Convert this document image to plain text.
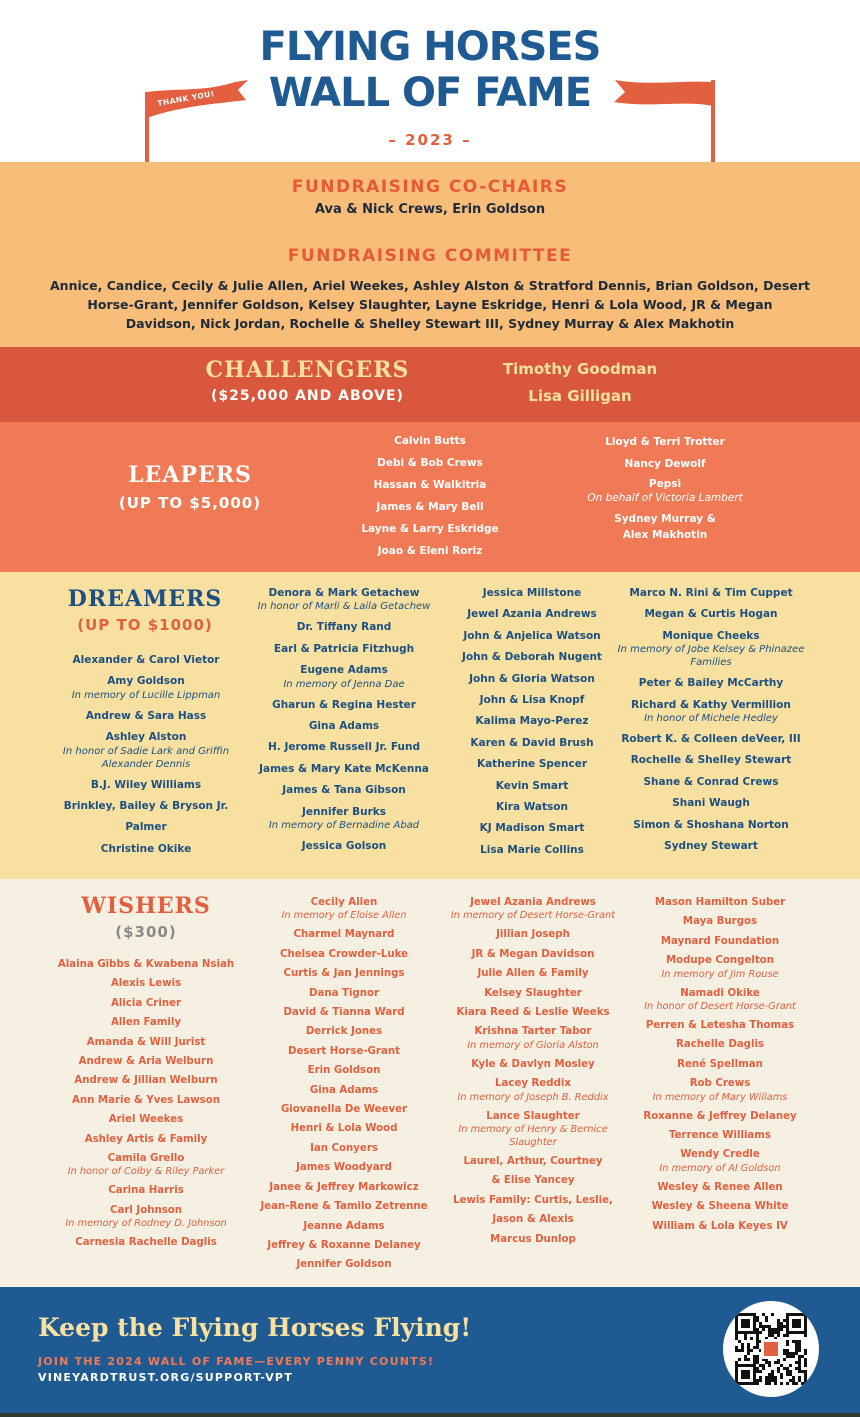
THANK YOU!
FLYING HORSES
WALL OF FAME
– 2023 –
FUNDRAISING CO-CHAIRS
Ava & Nick Crews, Erin Goldson
FUNDRAISING COMMITTEE
Annice, Candice, Cecily & Julie Allen, Ariel Weekes, Ashley Alston & Stratford Dennis, Brian Goldson, Desert
Horse-Grant, Jennifer Goldson, Kelsey Slaughter, Layne Eskridge, Henri & Lola Wood, JR & Megan
Davidson, Nick Jordan, Rochelle & Shelley Stewart III, Sydney Murray & Alex Makhotin
CHALLENGERS
($25,000 AND ABOVE)
Timothy Goodman
Lisa Gilligan
LEAPERS
(UP TO $5,000)
Calvin Butts
Debi & Bob Crews
Hassan & Walkitria
James & Mary Bell
Layne & Larry Eskridge
Joao & Eleni Roriz
Lloyd & Terri Trotter
Nancy Dewolf
Pepsi
On behalf of Victoria Lambert
Sydney Murray &
Alex Makhotin
DREAMERS
(UP TO $1000)
Alexander & Carol Vietor
Amy Goldson
In memory of Lucille Lippman
Andrew & Sara Hass
Ashley Alston
In honor of Sadie Lark and Griffin Alexander Dennis
B.J. Wiley Williams
Brinkley, Bailey & Bryson Jr.
Palmer
Christine Okike
Denora & Mark Getachew
In honor of Marli & Laila Getachew
Dr. Tiffany Rand
Earl & Patricia Fitzhugh
Eugene Adams
In memory of Jenna Dae
Gharun & Regina Hester
Gina Adams
H. Jerome Russell Jr. Fund
James & Mary Kate McKenna
James & Tana Gibson
Jennifer Burks
In memory of Bernadine Abad
Jessica Golson
Jessica Millstone
Jewel Azania Andrews
John & Anjelica Watson
John & Deborah Nugent
John & Gloria Watson
John & Lisa Knopf
Kalima Mayo-Perez
Karen & David Brush
Katherine Spencer
Kevin Smart
Kira Watson
KJ Madison Smart
Lisa Marie Collins
Marco N. Rini & Tim Cuppet
Megan & Curtis Hogan
Monique Cheeks
In memory of Jobe Kelsey & Phinazee Families
Peter & Bailey McCarthy
Richard & Kathy Vermillion
In honor of Michele Hedley
Robert K. & Colleen deVeer, III
Rochelle & Shelley Stewart
Shane & Conrad Crews
Shani Waugh
Simon & Shoshana Norton
Sydney Stewart
WISHERS
($300)
Alaina Gibbs & Kwabena Nsiah
Alexis Lewis
Alicia Criner
Allen Family
Amanda & Will Jurist
Andrew & Aria Welburn
Andrew & Jillian Welburn
Ann Marie & Yves Lawson
Ariel Weekes
Ashley Artis & Family
Camila Grello
In honor of Colby & Riley Parker
Carina Harris
Carl Johnson
In memory of Rodney D. Johnson
Carnesia Rachelle Daglis
Cecily Allen
In memory of Eloise Allen
Charmel Maynard
Chelsea Crowder-Luke
Curtis & Jan Jennings
Dana Tignor
David & Tianna Ward
Derrick Jones
Desert Horse-Grant
Erin Goldson
Gina Adams
Giovanella De Weever
Henri & Lola Wood
Ian Conyers
James Woodyard
Janee & Jeffrey Markowicz
Jean-Rene & Tamilo Zetrenne
Jeanne Adams
Jeffrey & Roxanne Delaney
Jennifer Goldson
Jewel Azania Andrews
In memory of Desert Horse-Grant
Jillian Joseph
JR & Megan Davidson
Julie Allen & Family
Kelsey Slaughter
Kiara Reed & Leslie Weeks
Krishna Tarter Tabor
In memory of Gloria Alston
Kyle & Davlyn Mosley
Lacey Reddix
In memory of Joseph B. Reddix
Lance Slaughter
In memory of Henry & Bernice Slaughter
Laurel, Arthur, Courtney
& Elise Yancey
Lewis Family: Curtis, Leslie,
Jason & Alexis
Marcus Dunlop
Mason Hamilton Suber
Maya Burgos
Maynard Foundation
Modupe Congelton
In memory of Jim Rouse
Namadi Okike
In honor of Desert Horse-Grant
Perren & Letesha Thomas
Rachelle Daglis
René Spellman
Rob Crews
In memory of Mary Willams
Roxanne & Jeffrey Delaney
Terrence Williams
Wendy Credle
In memory of Al Goldson
Wesley & Renee Allen
Wesley & Sheena White
William & Lola Keyes IV
Keep the Flying Horses Flying!
JOIN THE 2024 WALL OF FAME—EVERY PENNY COUNTS!
VINEYARDTRUST.ORG/SUPPORT-VPT
